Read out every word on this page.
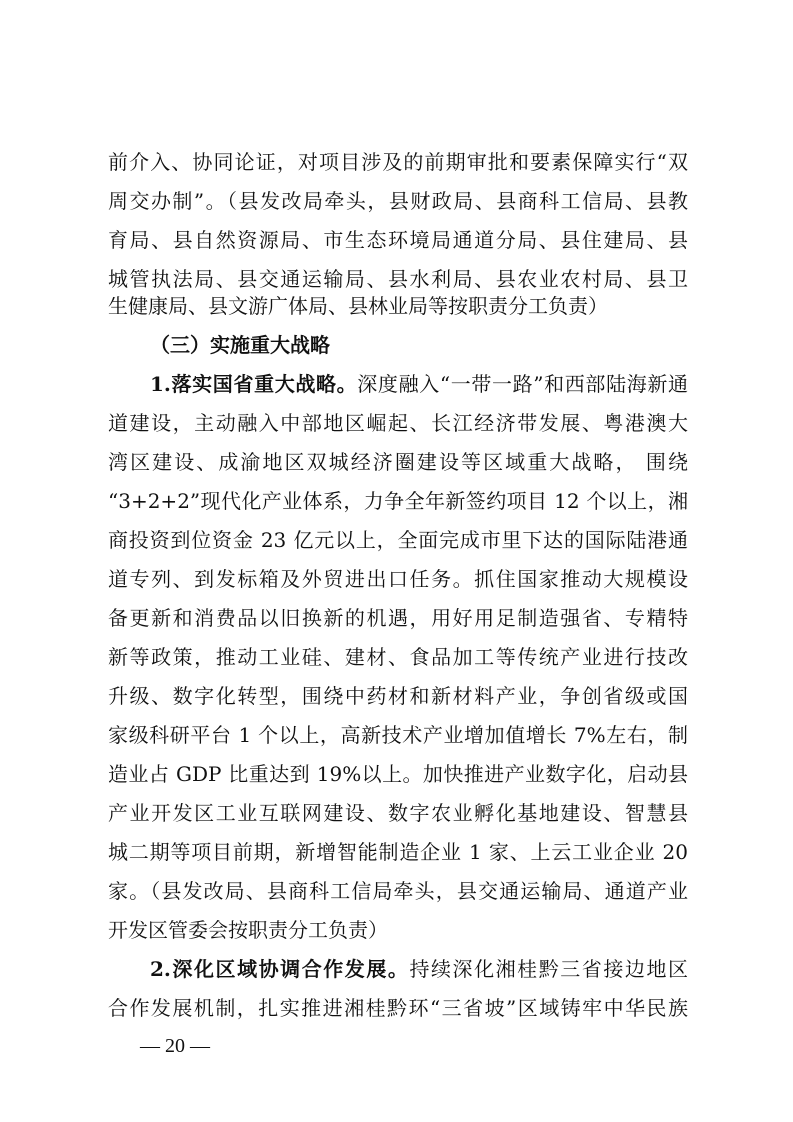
前介入、协同论证，对项目涉及的前期审批和要素保障实行“双
周交办制”。（县发改局牵头，县财政局、县商科工信局、县教
育局、县自然资源局、市生态环境局通道分局、县住建局、县
城管执法局、县交通运输局、县水利局、县农业农村局、县卫
生健康局、县文游广体局、县林业局等按职责分工负责）
（三）实施重大战略
1.落实国省重大战略。深度融入“一带一路”和西部陆海新通
道建设，主动融入中部地区崛起、长江经济带发展、粤港澳大
湾区建设、成渝地区双城经济圈建设等区域重大战略， 围绕
“3+2+2”现代化产业体系，力争全年新签约项目 12 个以上，湘
商投资到位资金 23 亿元以上，全面完成市里下达的国际陆港通
道专列、到发标箱及外贸进出口任务。抓住国家推动大规模设
备更新和消费品以旧换新的机遇，用好用足制造强省、专精特
新等政策，推动工业硅、建材、食品加工等传统产业进行技改
升级、数字化转型，围绕中药材和新材料产业，争创省级或国
家级科研平台 1 个以上，高新技术产业增加值增长 7%左右，制
造业占 GDP 比重达到 19%以上。加快推进产业数字化，启动县
产业开发区工业互联网建设、数字农业孵化基地建设、智慧县
城二期等项目前期，新增智能制造企业 1 家、上云工业企业 20
家。（县发改局、县商科工信局牵头，县交通运输局、通道产业
开发区管委会按职责分工负责）
2.深化区域协调合作发展。持续深化湘桂黔三省接边地区
合作发展机制，扎实推进湘桂黔环“三省坡”区域铸牢中华民族
— 20 —
